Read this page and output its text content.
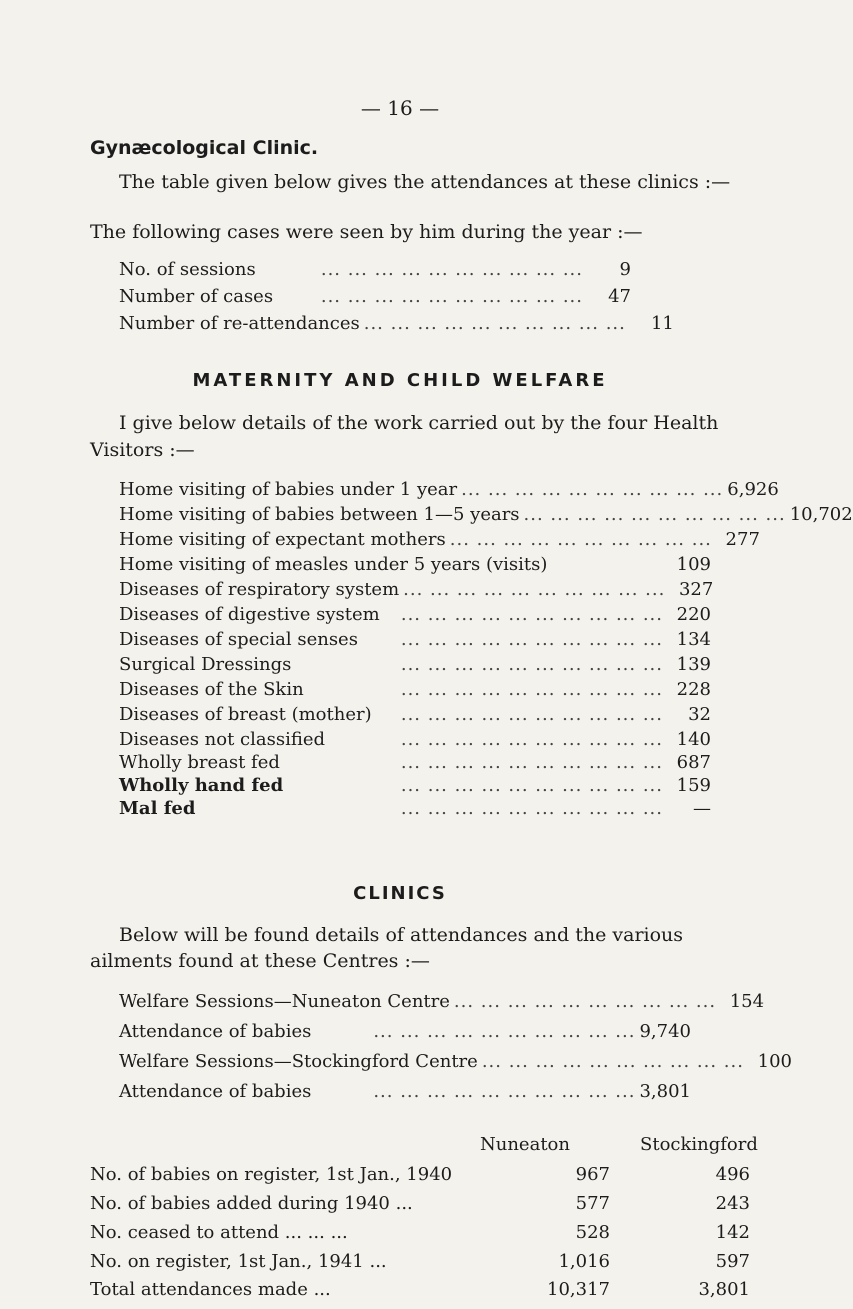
— 16 —
Gynæcological Clinic.
The table given below gives the attendances at these clinics :—
The following cases were seen by him during the year :—
No. of sessions	... ... ... ... ... ... ... ... ... ...	9
Number of cases	... ... ... ... ... ... ... ... ... ...	47
Number of re-attendances ... ... ... ... ... ... ... ... ... ...	11
MATERNITY AND CHILD WELFARE
I give below details of the work carried out by the four Health
Visitors :—
Home visiting of babies under 1 year ... ... ... ... ... ... ... ... ... ... 6,926
Home visiting of babies between 1—5 years ... ... ... ... ... ... ... ... ... ... 10,702
Home visiting of expectant mothers ... ... ... ... ... ... ... ... ... ... 277
Home visiting of measles under 5 years (visits)	109
Diseases of respiratory system ... ... ... ... ... ... ... ... ... ... 327
Diseases of digestive system	... ... ... ... ... ... ... ... ... ... 220
Diseases of special senses	... ... ... ... ... ... ... ... ... ... 134
Surgical Dressings	... ... ... ... ... ... ... ... ... ... 139
Diseases of the Skin	... ... ... ... ... ... ... ... ... ... 228
Diseases of breast (mother)	... ... ... ... ... ... ... ... ... ...	32
Diseases not classified	... ... ... ... ... ... ... ... ... ... 140
Wholly breast fed	... ... ... ... ... ... ... ... ... ... 687
Wholly hand fed	... ... ... ... ... ... ... ... ... ... 159
Mal fed	... ... ... ... ... ... ... ... ... ...	—
CLINICS
Below will be found details of attendances and the various
ailments found at these Centres :—
Welfare Sessions—Nuneaton Centre ... ... ... ... ... ... ... ... ... ... 154
Attendance of babies	... ... ... ... ... ... ... ... ... ... 9,740
Welfare Sessions—Stockingford Centre ... ... ... ... ... ... ... ... ... ... 100
Attendance of babies	... ... ... ... ... ... ... ... ... ... 3,801
Nuneaton	Stockingford
No. of babies on register, 1st Jan., 1940	967	496
No. of babies added during 1940 ...	577	243
No. ceased to attend ... ... ...	528	142
No. on register, 1st Jan., 1941 ...	1,016	597
Total attendances made ...	10,317	3,801
